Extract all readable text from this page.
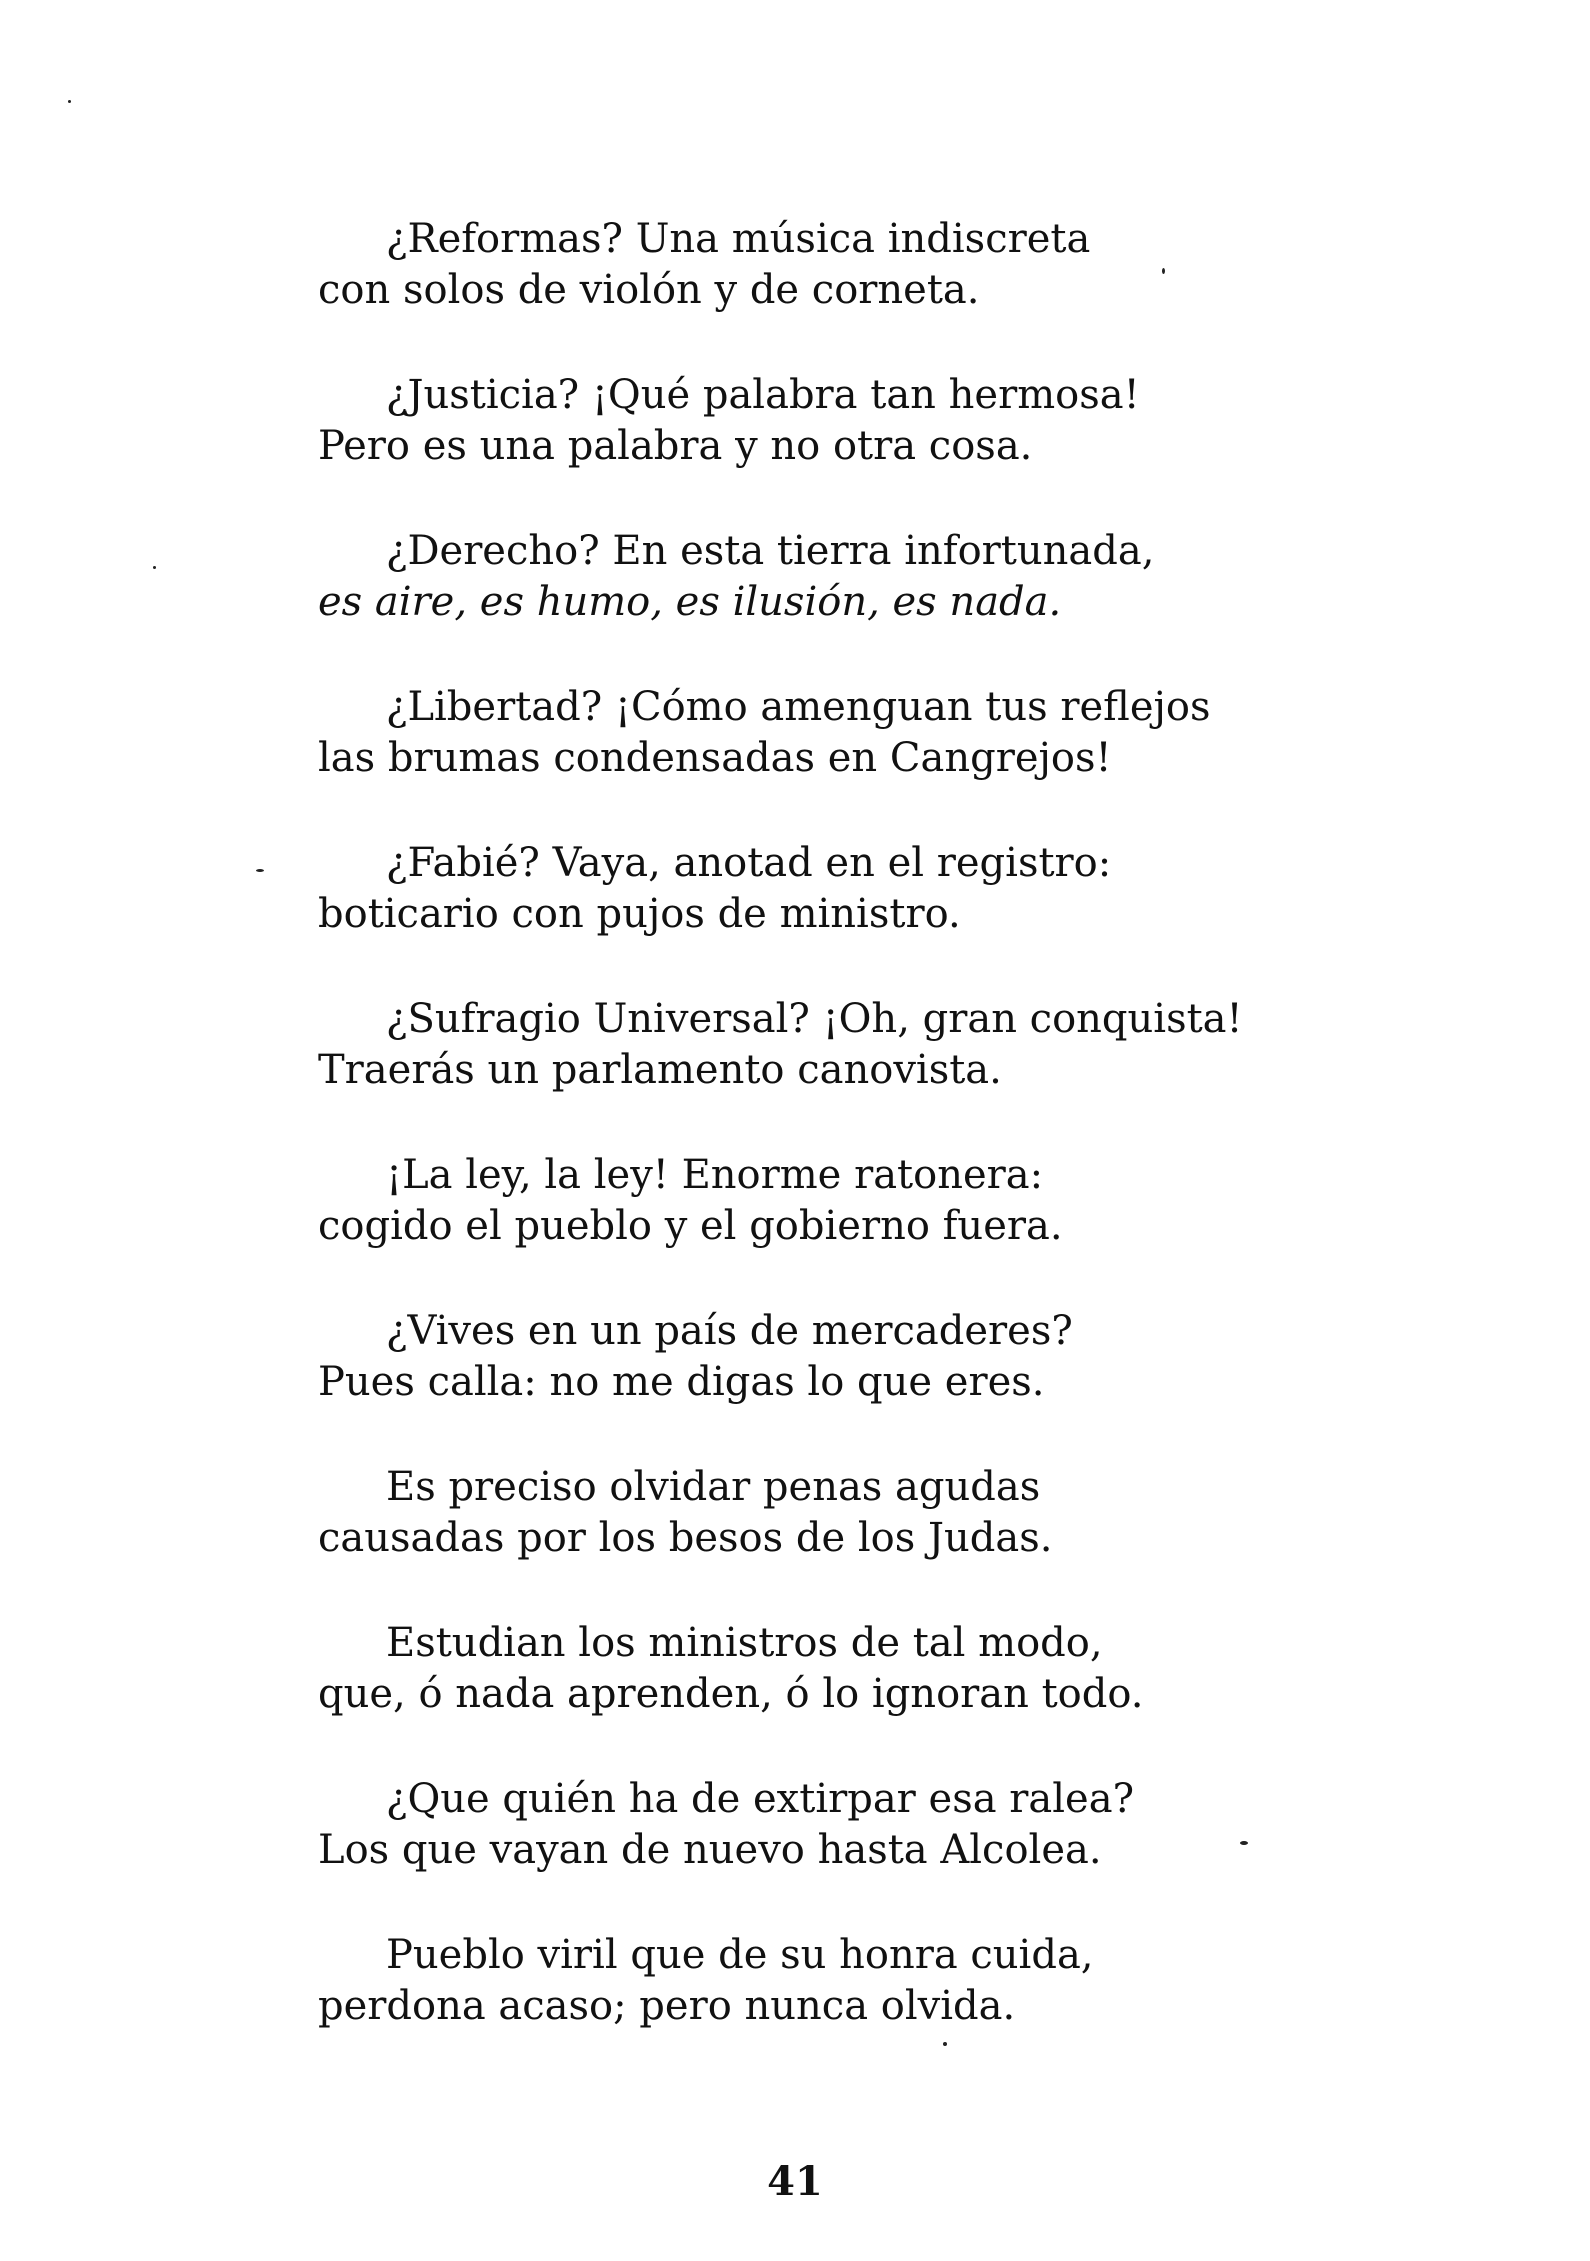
¿Reformas? Una música indiscreta
con solos de violón y de corneta.
¿Justicia? ¡Qué palabra tan hermosa!
Pero es una palabra y no otra cosa.
¿Derecho? En esta tierra infortunada,
es aire, es humo, es ilusión, es nada.
¿Libertad? ¡Cómo amenguan tus reflejos
las brumas condensadas en Cangrejos!
¿Fabié? Vaya, anotad en el registro:
boticario con pujos de ministro.
¿Sufragio Universal? ¡Oh, gran conquista!
Traerás un parlamento canovista.
¡La ley, la ley! Enorme ratonera:
cogido el pueblo y el gobierno fuera.
¿Vives en un país de mercaderes?
Pues calla: no me digas lo que eres.
Es preciso olvidar penas agudas
causadas por los besos de los Judas.
Estudian los ministros de tal modo,
que, ó nada aprenden, ó lo ignoran todo.
¿Que quién ha de extirpar esa ralea?
Los que vayan de nuevo hasta Alcolea.
Pueblo viril que de su honra cuida,
perdona acaso; pero nunca olvida.
41
